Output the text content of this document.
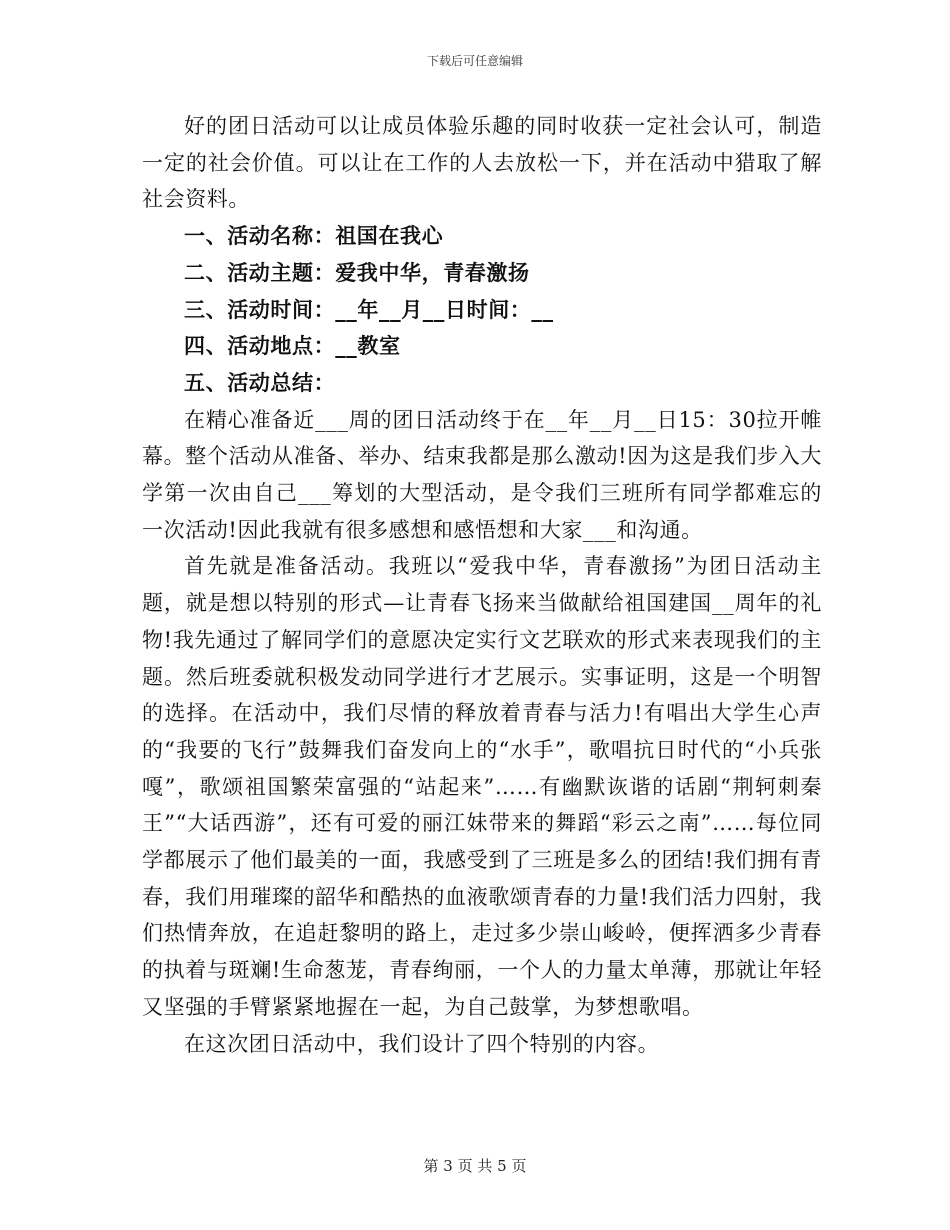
下载后可任意编辑

好的团日活动可以让成员体验乐趣的同时收获一定社会认可，制造一定的社会价值。可以让在工作的人去放松一下，并在活动中猎取了解社会资料。

一、活动名称：祖国在我心

二、活动主题：爱我中华，青春激扬

三、活动时间：__年__月__日时间：__

四、活动地点：__教室

五、活动总结：

在精心准备近___周的团日活动终于在__年__月__日15：30拉开帷幕。整个活动从准备、举办、结束我都是那么激动!因为这是我们步入大学第一次由自己___筹划的大型活动，是令我们三班所有同学都难忘的一次活动!因此我就有很多感想和感悟想和大家___和沟通。

首先就是准备活动。我班以“爱我中华，青春激扬”为团日活动主题，就是想以特别的形式—让青春飞扬来当做献给祖国建国__周年的礼物!我先通过了解同学们的意愿决定实行文艺联欢的形式来表现我们的主题。然后班委就积极发动同学进行才艺展示。实事证明，这是一个明智的选择。在活动中，我们尽情的释放着青春与活力!有唱出大学生心声的“我要的飞行”鼓舞我们奋发向上的“水手”，歌唱抗日时代的“小兵张嘎”，歌颂祖国繁荣富强的“站起来”……有幽默诙谐的话剧“荆轲刺秦王”“大话西游”，还有可爱的丽江妹带来的舞蹈“彩云之南”……每位同学都展示了他们最美的一面，我感受到了三班是多么的团结!我们拥有青春，我们用璀璨的韶华和酷热的血液歌颂青春的力量!我们活力四射，我们热情奔放，在追赶黎明的路上，走过多少崇山峻岭，便挥洒多少青春的执着与斑斓!生命葱茏，青春绚丽，一个人的力量太单薄，那就让年轻又坚强的手臂紧紧地握在一起，为自己鼓掌，为梦想歌唱。

在这次团日活动中，我们设计了四个特别的内容。

第 3 页 共 5 页
